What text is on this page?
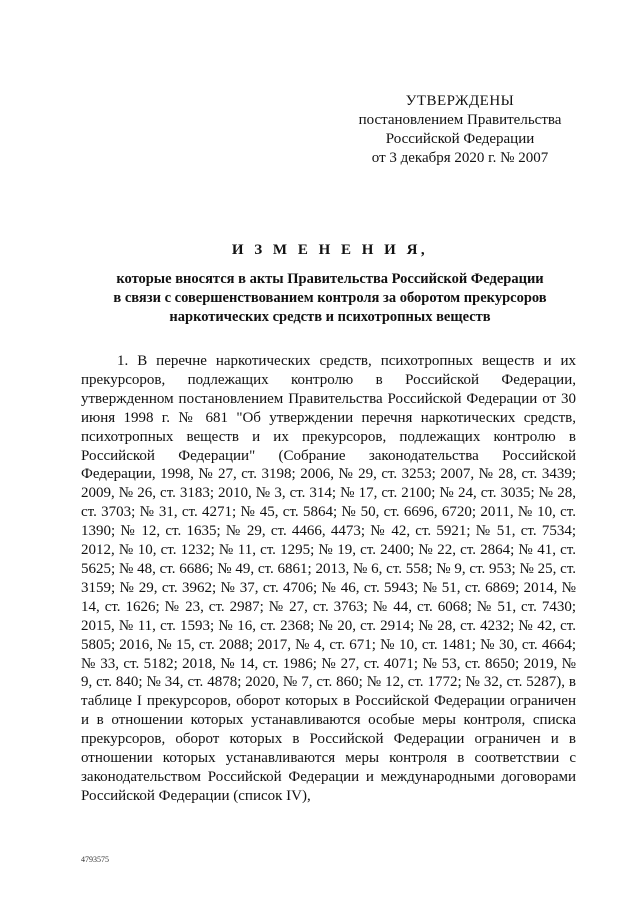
УТВЕРЖДЕНЫ
постановлением Правительства
Российской Федерации
от 3 декабря 2020 г. № 2007
И З М Е Н Е Н И Я,
которые вносятся в акты Правительства Российской Федерации
в связи с совершенствованием контроля за оборотом прекурсоров
наркотических средств и психотропных веществ

1. В перечне наркотических средств, психотропных веществ и их прекурсоров, подлежащих контролю в Российской Федерации, утвержденном постановлением Правительства Российской Федерации от 30 июня 1998 г. № 681 "Об утверждении перечня наркотических средств, психотропных веществ и их прекурсоров, подлежащих контролю в Российской Федерации" (Собрание законодательства Российской Федерации, 1998, № 27, ст. 3198; 2006, № 29, ст. 3253; 2007, № 28, ст. 3439; 2009, № 26, ст. 3183; 2010, № 3, ст. 314; № 17, ст. 2100; № 24, ст. 3035; № 28, ст. 3703; № 31, ст. 4271; № 45, ст. 5864; № 50, ст. 6696, 6720; 2011, № 10, ст. 1390; № 12, ст. 1635; № 29, ст. 4466, 4473; № 42, ст. 5921; № 51, ст. 7534; 2012, № 10, ст. 1232; № 11, ст. 1295; № 19, ст. 2400; № 22, ст. 2864; № 41, ст. 5625; № 48, ст. 6686; № 49, ст. 6861; 2013, № 6, ст. 558; № 9, ст. 953; № 25, ст. 3159; № 29, ст. 3962; № 37, ст. 4706; № 46, ст. 5943; № 51, ст. 6869; 2014, № 14, ст. 1626; № 23, ст. 2987; № 27, ст. 3763; № 44, ст. 6068; № 51, ст. 7430; 2015, № 11, ст. 1593; № 16, ст. 2368; № 20, ст. 2914; № 28, ст. 4232; № 42, ст. 5805; 2016, № 15, ст. 2088; 2017, № 4, ст. 671; № 10, ст. 1481; № 30, ст. 4664; № 33, ст. 5182; 2018, № 14, ст. 1986; № 27, ст. 4071; № 53, ст. 8650; 2019, № 9, ст. 840; № 34, ст. 4878; 2020, № 7, ст. 860; № 12, ст. 1772; № 32, ст. 5287), в таблице I прекурсоров, оборот которых в Российской Федерации ограничен и в отношении которых устанавливаются особые меры контроля, списка прекурсоров, оборот которых в Российской Федерации ограничен и в отношении которых устанавливаются меры контроля в соответствии с законодательством Российской Федерации и международными договорами Российской Федерации (список IV),

4793575
